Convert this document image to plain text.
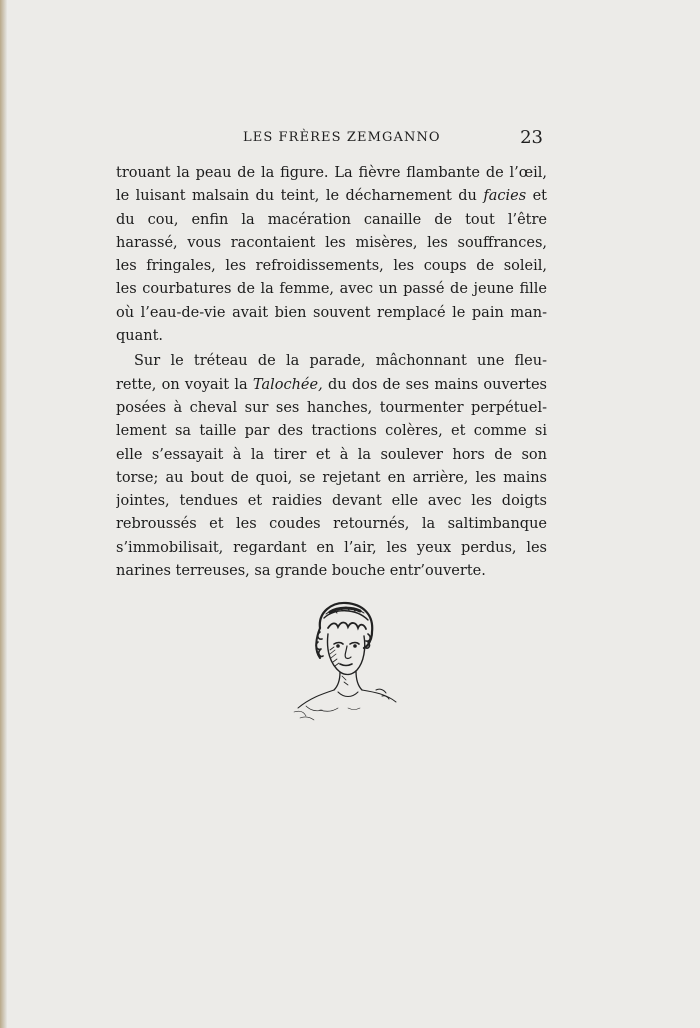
LES FRÈRES ZEMGANNO	23
trouant la peau de la figure. La fièvre flambante de l’œil,
le luisant malsain du teint, le décharnement du facies et
du cou, enfin la macération canaille de tout l’être
harassé, vous racontaient les misères, les souffrances,
les fringales, les refroidissements, les coups de soleil,
les courbatures de la femme, avec un passé de jeune fille
où l’eau-de-vie avait bien souvent remplacé le pain man-
quant.
Sur le tréteau de la parade, mâchonnant une fleu-
rette, on voyait la Talochée, du dos de ses mains ouvertes
posées à cheval sur ses hanches, tourmenter perpétuel-
lement sa taille par des tractions colères, et comme si
elle s’essayait à la tirer et à la soulever hors de son
torse; au bout de quoi, se rejetant en arrière, les mains
jointes, tendues et raidies devant elle avec les doigts
rebroussés et les coudes retournés, la saltimbanque
s’immobilisait, regardant en l’air, les yeux perdus, les
narines terreuses, sa grande bouche entr’ouverte.
